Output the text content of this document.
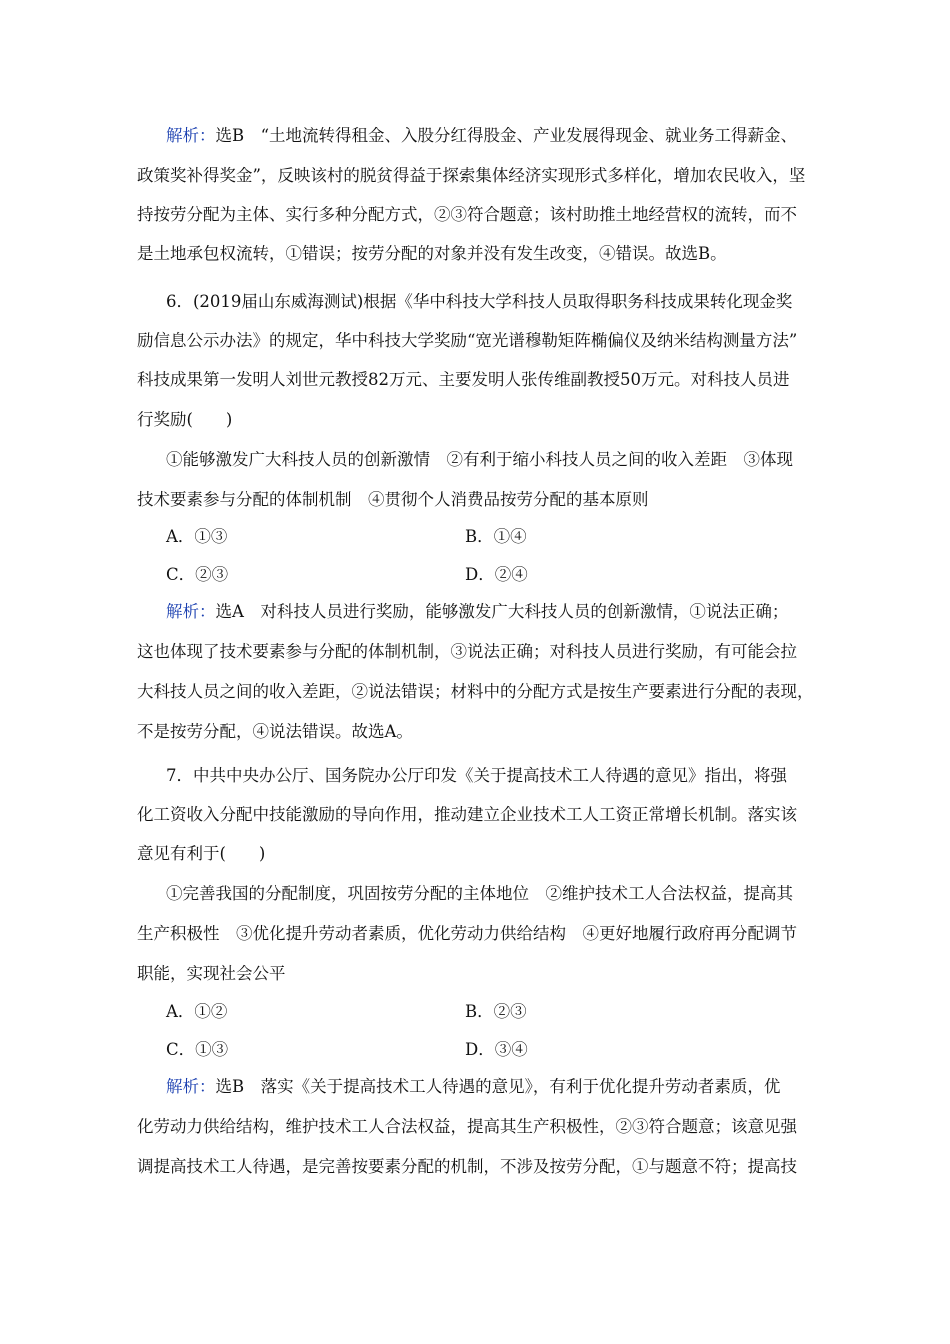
解析：选B　“土地流转得租金、入股分红得股金、产业发展得现金、就业务工得薪金、
政策奖补得奖金”，反映该村的脱贫得益于探索集体经济实现形式多样化，增加农民收入，坚
持按劳分配为主体、实行多种分配方式，②③符合题意；该村助推土地经营权的流转，而不
是土地承包权流转，①错误；按劳分配的对象并没有发生改变，④错误。故选B。
6．(2019届山东威海测试)根据《华中科技大学科技人员取得职务科技成果转化现金奖
励信息公示办法》的规定，华中科技大学奖励“宽光谱穆勒矩阵椭偏仪及纳米结构测量方法”
科技成果第一发明人刘世元教授82万元、主要发明人张传维副教授50万元。对科技人员进
行奖励(　　)
①能够激发广大科技人员的创新激情　②有利于缩小科技人员之间的收入差距　③体现
技术要素参与分配的体制机制　④贯彻个人消费品按劳分配的基本原则
A．①③	B．①④
C．②③	D．②④
解析：选A　对科技人员进行奖励，能够激发广大科技人员的创新激情，①说法正确；
这也体现了技术要素参与分配的体制机制，③说法正确；对科技人员进行奖励，有可能会拉
大科技人员之间的收入差距，②说法错误；材料中的分配方式是按生产要素进行分配的表现，
不是按劳分配，④说法错误。故选A。
7．中共中央办公厅、国务院办公厅印发《关于提高技术工人待遇的意见》指出，将强
化工资收入分配中技能激励的导向作用，推动建立企业技术工人工资正常增长机制。落实该
意见有利于(　　)
①完善我国的分配制度，巩固按劳分配的主体地位　②维护技术工人合法权益，提高其
生产积极性　③优化提升劳动者素质，优化劳动力供给结构　④更好地履行政府再分配调节
职能，实现社会公平
A．①②	B．②③
C．①③	D．③④
解析：选B　落实《关于提高技术工人待遇的意见》，有利于优化提升劳动者素质，优
化劳动力供给结构，维护技术工人合法权益，提高其生产积极性，②③符合题意；该意见强
调提高技术工人待遇，是完善按要素分配的机制，不涉及按劳分配，①与题意不符；提高技
